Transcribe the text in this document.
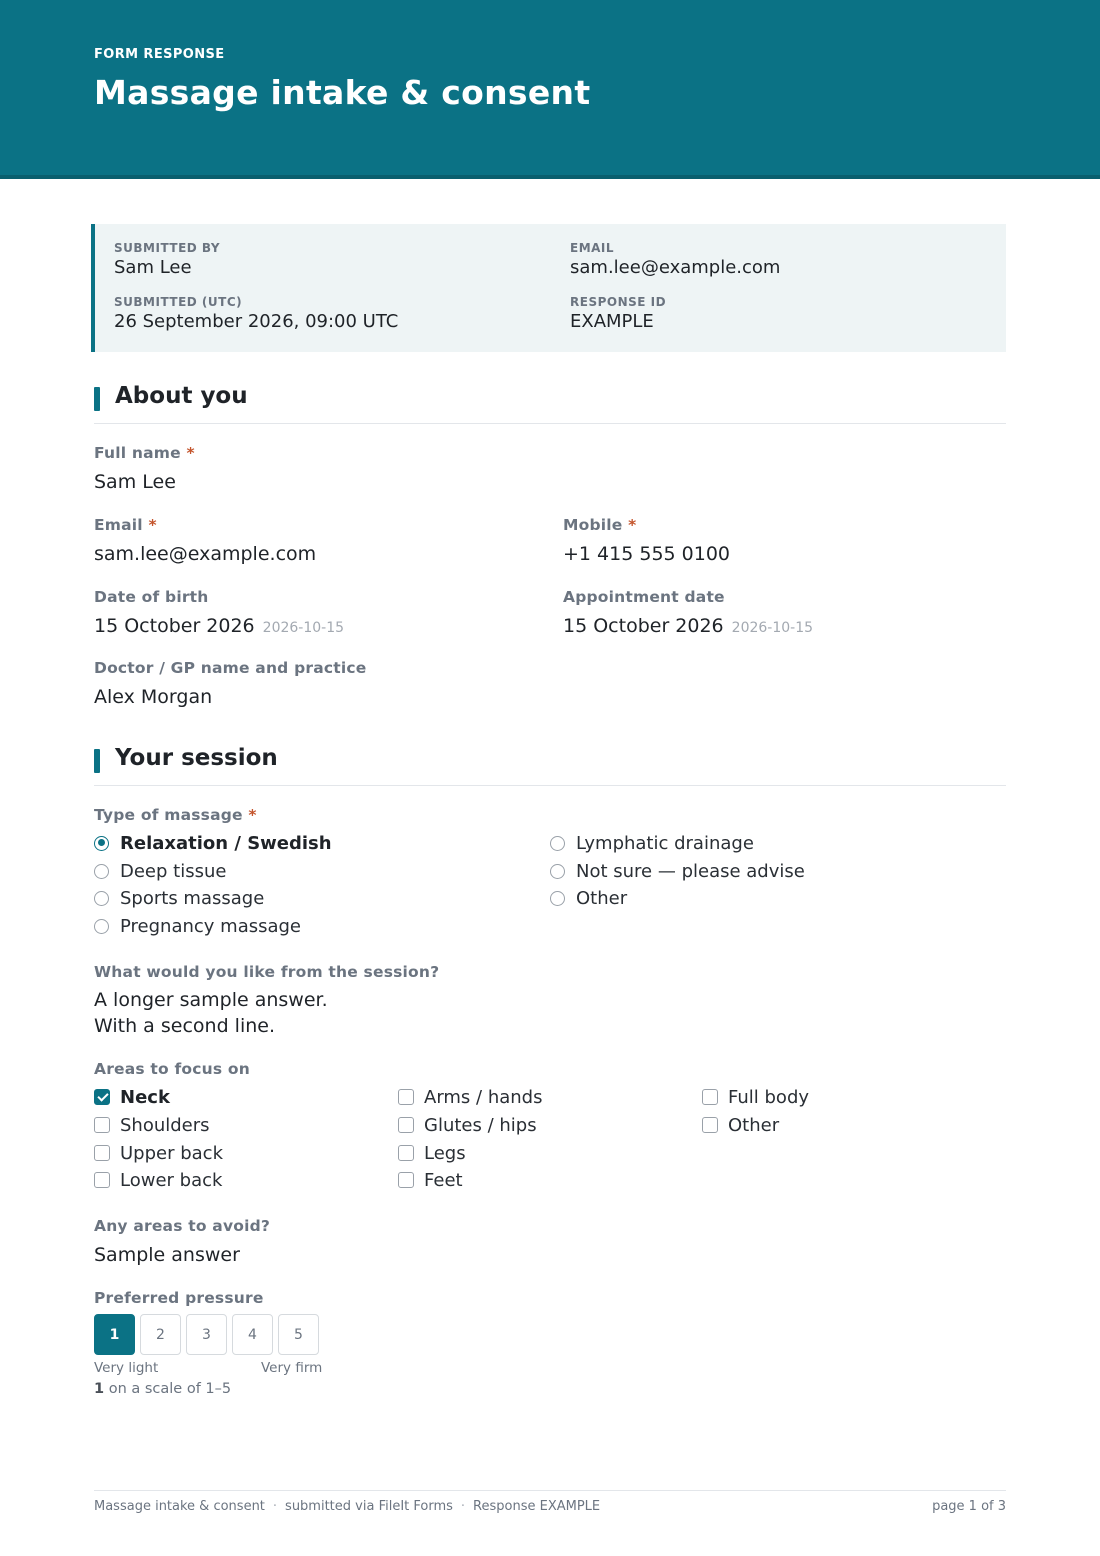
FORM RESPONSE
Massage intake & consent
SUBMITTED BY
Sam Lee
EMAIL
sam.lee@example.com
SUBMITTED (UTC)
26 September 2026, 09:00 UTC
RESPONSE ID
EXAMPLE
About you
Full name *
Sam Lee
Email *
sam.lee@example.com
Mobile *
+1 415 555 0100
Date of birth
15 October 2026 2026-10-15
Appointment date
15 October 2026 2026-10-15
Doctor / GP name and practice
Alex Morgan
Your session
Type of massage *
Relaxation / Swedish
Deep tissue
Sports massage
Pregnancy massage
Lymphatic drainage
Not sure — please advise
Other
What would you like from the session?
A longer sample answer.
With a second line.
Areas to focus on
Neck
Shoulders
Upper back
Lower back
Arms / hands
Glutes / hips
Legs
Feet
Full body
Other
Any areas to avoid?
Sample answer
Preferred pressure
1	2	3	4	5
Very light	Very firm
1 on a scale of 1–5
Massage intake & consent · submitted via FileIt Forms · Response EXAMPLE	page 1 of 3
